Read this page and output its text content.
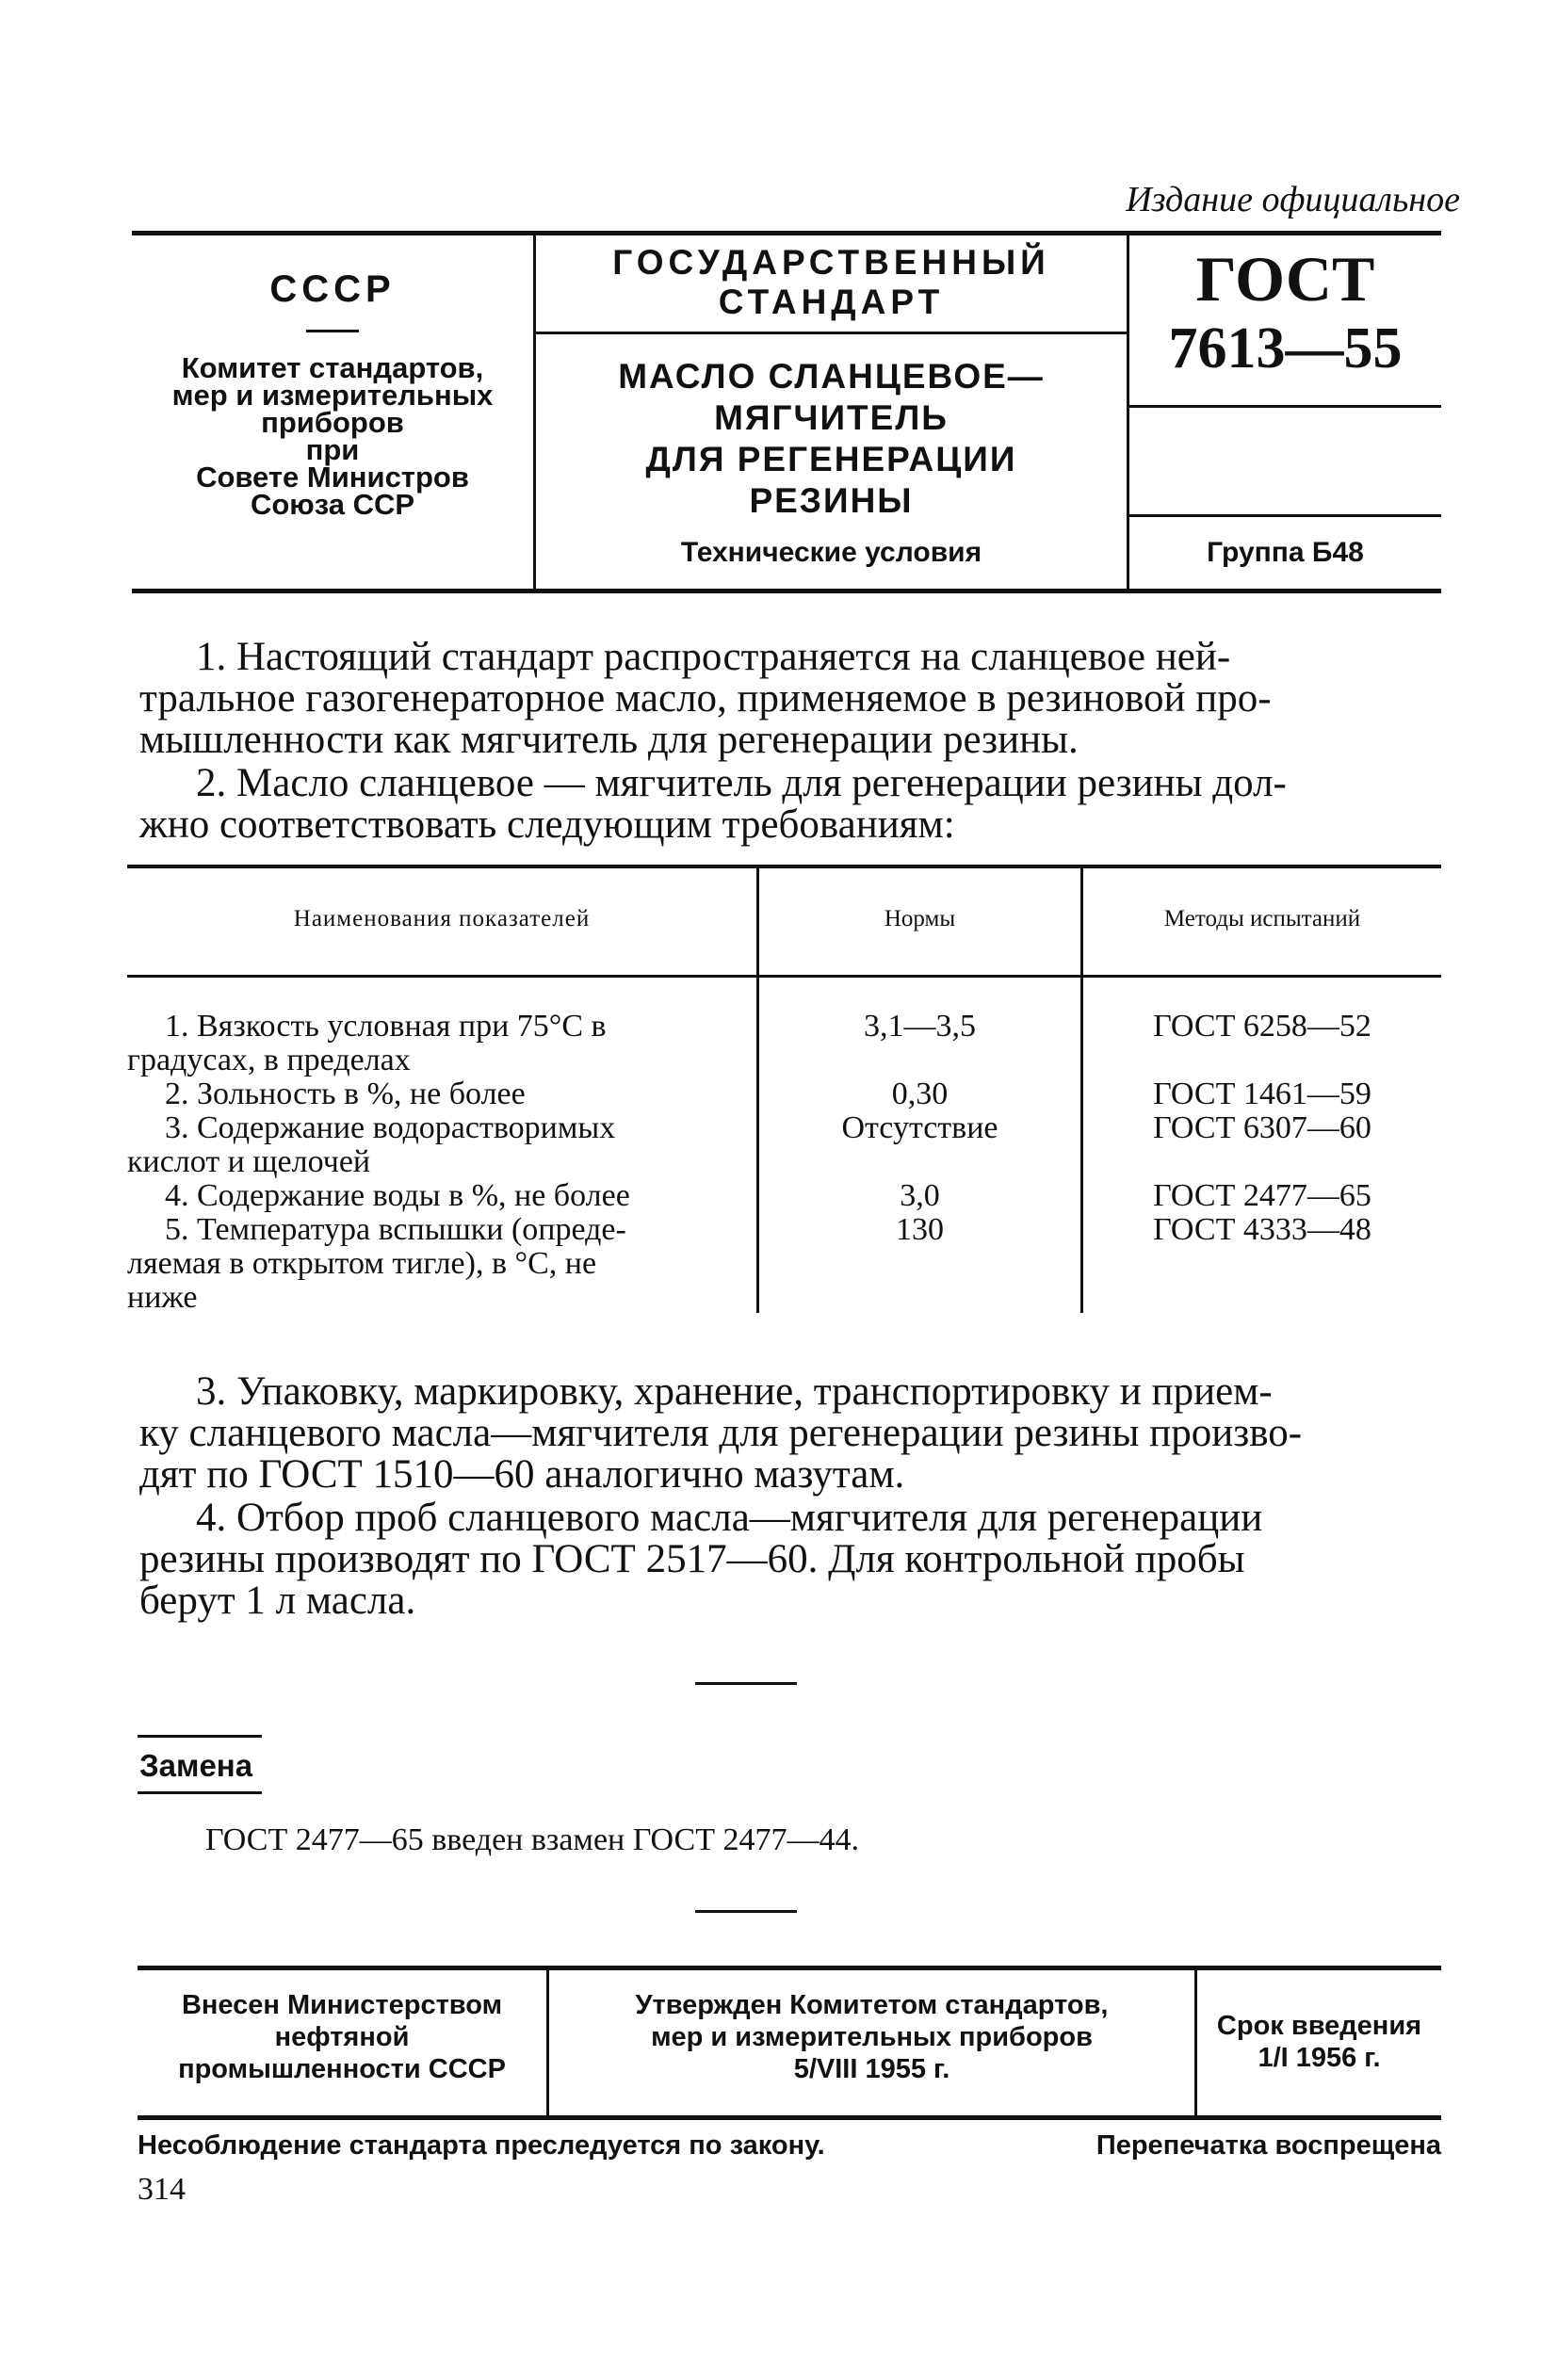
Издание официальное
СССР
Комитет стандартов,
мер и измерительных
приборов
при
Совете Министров
Союза ССР
ГОСУДАРСТВЕННЫЙ
СТАНДАРТ
МАСЛО СЛАНЦЕВОЕ—
МЯГЧИТЕЛЬ
ДЛЯ РЕГЕНЕРАЦИИ
РЕЗИНЫ
Технические условия
ГОСТ
7613—55
Группа Б48
1. Настоящий стандарт распространяется на сланцевое ней-
тральное газогенераторное масло, применяемое в резиновой про-
мышленности как мягчитель для регенерации резины.
2. Масло сланцевое — мягчитель для регенерации резины дол-
жно соответствовать следующим требованиям:
Наименования показателей	Нормы	Методы испытаний
1. Вязкость условная при 75°С в
градусах, в пределах
3,1—3,5	ГОСТ 6258—52
2. Зольность в %, не более	0,30	ГОСТ 1461—59
3. Содержание водорастворимых
кислот и щелочей
Отсутствие	ГОСТ 6307—60
4. Содержание воды в %, не более	3,0	ГОСТ 2477—65
5. Температура вспышки (опреде-
ляемая в открытом тигле), в °С, не
ниже
130	ГОСТ 4333—48
3. Упаковку, маркировку, хранение, транспортировку и прием-
ку сланцевого масла—мягчителя для регенерации резины произво-
дят по ГОСТ 1510—60 аналогично мазутам.
4. Отбор проб сланцевого масла—мягчителя для регенерации
резины производят по ГОСТ 2517—60. Для контрольной пробы
берут 1 л масла.
Замена
ГОСТ 2477—65 введен взамен ГОСТ 2477—44.
Внесен Министерством
нефтяной
промышленности СССР
Утвержден Комитетом стандартов,
мер и измерительных приборов
5/VIII 1955 г.
Срок введения
1/I 1956 г.
Несоблюдение стандарта преследуется по закону.	Перепечатка воспрещена
314
